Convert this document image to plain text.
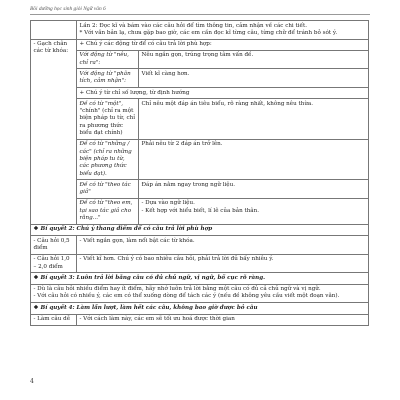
Bồi dưỡng học sinh giỏi Ngữ văn 6

	Lần 2: Đọc kĩ và bám vào các câu hỏi để tìm thông tin, cảm nhận về các chi tiết.
* Với văn bản lạ, chưa gặp bao giờ, các em cần đọc kĩ từng câu, từng chữ để tránh bỏ sót ý.	

- Gạch chân các từ khóa:	+ Chú ý các động từ để có câu trả lời phù hợp:	
	Với động từ "nêu, chỉ ra":	Nêu ngắn gọn, trúng trọng tâm vấn đề.
	Với động từ "phân tích, cảm nhận":	Viết kĩ càng hơn.
	+ Chú ý từ chỉ số lượng, từ định hướng	
	Đề có từ "một", "chính" (chỉ ra một biện pháp tu từ, chỉ ra phương thức biểu đạt chính)	Chỉ nêu một đáp án tiêu biểu, rõ ràng nhất, không nêu thừa.
	Đề có từ "những / các" (chỉ ra những biện pháp tu từ, các phương thức biểu đạt).	Phải nêu từ 2 đáp án trở lên.
	Đề có từ "theo tác giả"	Đáp án nằm ngay trong ngữ liệu.
	Đề có từ "theo em, tại sao tác giả cho rằng..."	- Dựa vào ngữ liệu.
- Kết hợp với hiểu biết, lí lẽ của bản thân.

❖ Bí quyết 2: Chú ý thang điểm để có câu trả lời phù hợp		
- Câu hỏi 0,5 điểm	- Viết ngắn gọn, làm nổi bật các từ khóa.	
- Câu hỏi 1,0 – 2,0 điểm	- Viết kĩ hơn. Chú ý có bao nhiêu câu hỏi, phải trả lời đủ bấy nhiêu ý.	
❖ Bí quyết 3: Luôn trả lời bằng câu có đủ chủ ngữ, vị ngữ, bố cục rõ ràng.		

- Dù là câu hỏi nhiều điểm hay ít điểm, hãy nhớ luôn trả lời bằng một câu có đủ cả chủ ngữ và vị ngữ.
- Với câu hỏi có nhiều ý, các em có thể xuống dòng để tách các ý (nếu đề không yêu cầu viết một đoạn văn).		

❖ Bí quyết 4: Làm lần lượt, làm hết các câu, không bao giờ được bỏ câu		
- Làm câu dễ	- Với cách làm này, các em sẽ tối ưu hoá được thời gian	
4
